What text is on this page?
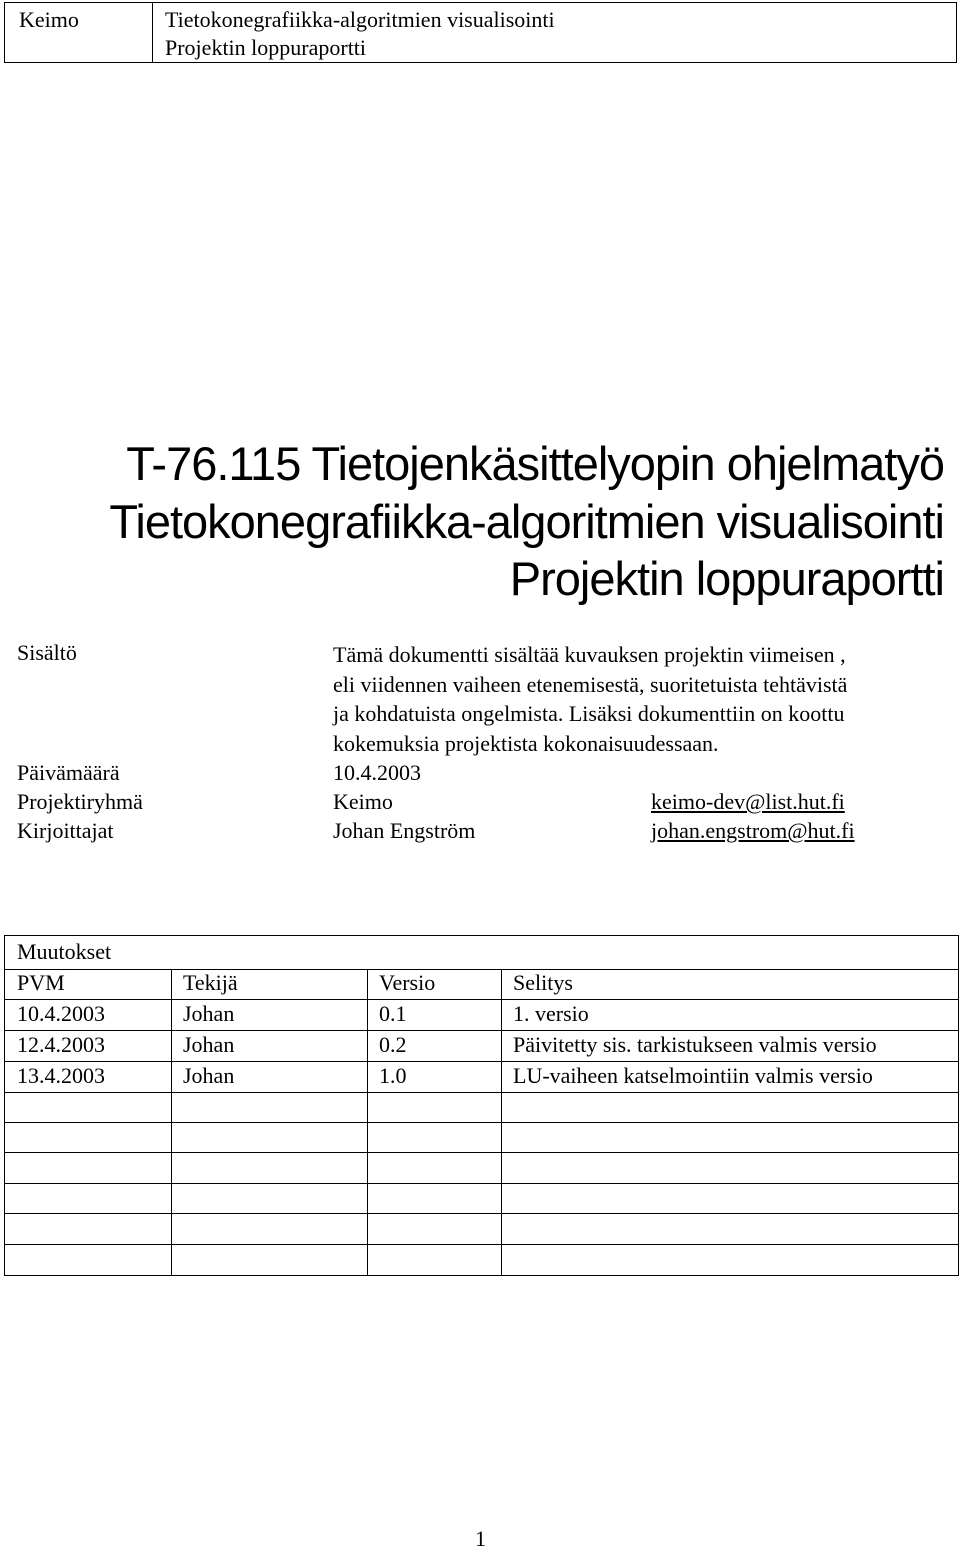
Keimo	Tietokonegrafiikka-algoritmien visualisointi
Projektin loppuraportti
T-76.115 Tietojenkäsittelyopin ohjelmatyö
Tietokonegrafiikka-algoritmien visualisointi
Projektin loppuraportti
Sisältö	Tämä dokumentti sisältää kuvauksen projektin viimeisen ,

eli viidennen vaiheen etenemisestä, suoritetuista tehtävistä

ja kohdatuista ongelmista. Lisäksi dokumenttiin on koottu

kokemuksia projektista kokonaisuudessaan.

Päivämäärä	10.4.2003
Projektiryhmä	Keimo	keimo-dev@list.hut.fi
Kirjoittajat	Johan Engström	johan.engstrom@hut.fi
Muutokset
PVM	Tekijä	Versio	Selitys
10.4.2003	Johan	0.1	1. versio
12.4.2003	Johan	0.2	Päivitetty sis. tarkistukseen valmis versio
13.4.2003	Johan	1.0	LU-vaiheen katselmointiin valmis versio
1
